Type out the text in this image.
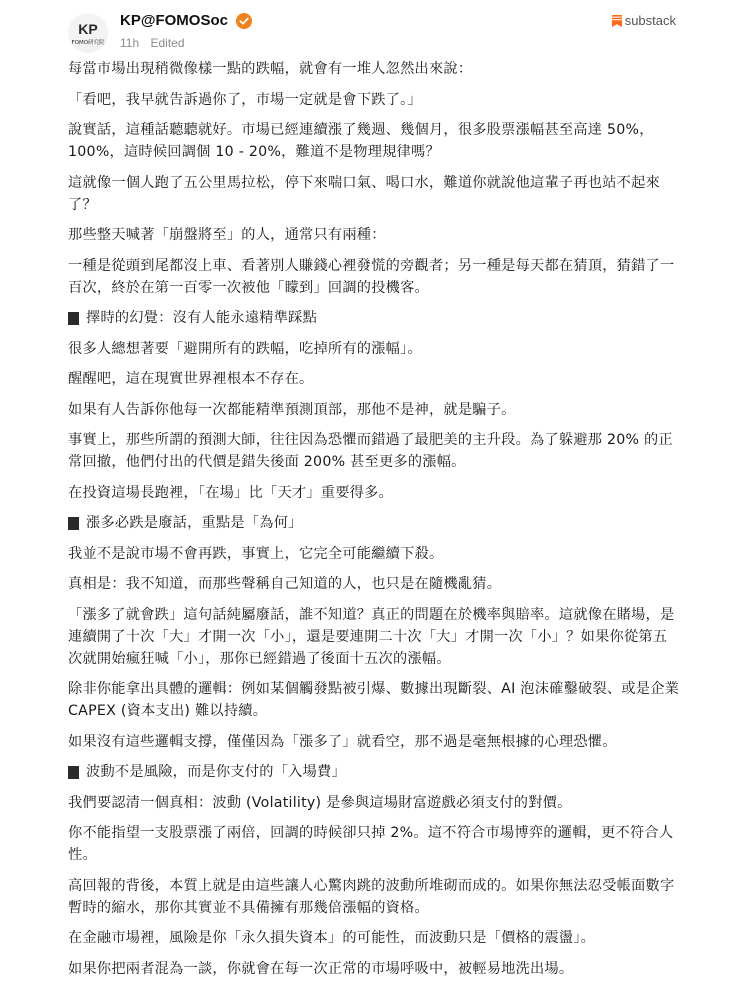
KP
FOMO研究院
KP@FOMOSoc
11h Edited
substack

每當市場出現稍微像樣一點的跌幅，就會有一堆人忽然出來說：

「看吧，我早就告訴過你了，市場一定就是會下跌了。」

說實話，這種話聽聽就好。市場已經連續漲了幾週、幾個月，很多股票漲幅甚至高達 50%，100%，這時候回調個 10 - 20%，難道不是物理規律嗎？

這就像一個人跑了五公里馬拉松，停下來喘口氣、喝口水，難道你就說他這輩子再也站不起來了？

那些整天喊著「崩盤將至」的人，通常只有兩種：

一種是從頭到尾都沒上車、看著別人賺錢心裡發慌的旁觀者；另一種是每天都在猜頂，猜錯了一百次，終於在第一百零一次被他「矇到」回調的投機客。

擇時的幻覺：沒有人能永遠精準踩點

很多人總想著要「避開所有的跌幅，吃掉所有的漲幅」。

醒醒吧，這在現實世界裡根本不存在。

如果有人告訴你他每一次都能精準預測頂部，那他不是神，就是騙子。

事實上，那些所謂的預測大師，往往因為恐懼而錯過了最肥美的主升段。為了躲避那 20% 的正常回撤，他們付出的代價是錯失後面 200% 甚至更多的漲幅。

在投資這場長跑裡，「在場」比「天才」重要得多。

漲多必跌是廢話，重點是「為何」

我並不是說市場不會再跌，事實上，它完全可能繼續下殺。

真相是：我不知道，而那些聲稱自己知道的人，也只是在隨機亂猜。

「漲多了就會跌」這句話純屬廢話，誰不知道？真正的問題在於機率與賠率。這就像在賭場，是連續開了十次「大」才開一次「小」，還是要連開二十次「大」才開一次「小」？如果你從第五次就開始瘋狂喊「小」，那你已經錯過了後面十五次的漲幅。

除非你能拿出具體的邏輯：例如某個觸發點被引爆、數據出現斷裂、AI 泡沫確鑿破裂、或是企業 CAPEX (資本支出) 難以持續。

如果沒有這些邏輯支撐，僅僅因為「漲多了」就看空，那不過是毫無根據的心理恐懼。

波動不是風險，而是你支付的「入場費」

我們要認清一個真相：波動 (Volatility) 是參與這場財富遊戲必須支付的對價。

你不能指望一支股票漲了兩倍，回調的時候卻只掉 2%。這不符合市場博弈的邏輯，更不符合人性。

高回報的背後，本質上就是由這些讓人心驚肉跳的波動所堆砌而成的。如果你無法忍受帳面數字暫時的縮水，那你其實並不具備擁有那幾倍漲幅的資格。

在金融市場裡，風險是你「永久損失資本」的可能性，而波動只是「價格的震盪」。

如果你把兩者混為一談，你就會在每一次正常的市場呼吸中，被輕易地洗出場。
